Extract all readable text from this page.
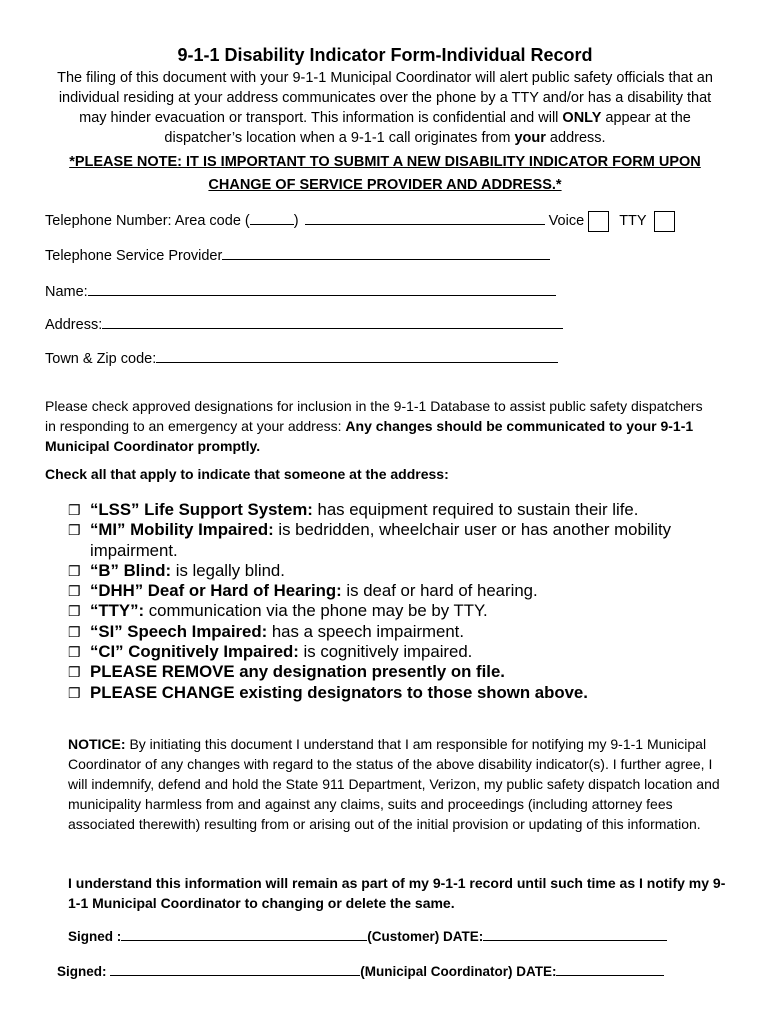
9-1-1 Disability Indicator Form-Individual Record
The filing of this document with your 9-1-1 Municipal Coordinator will alert public safety officials that an individual residing at your address communicates over the phone by a TTY and/or has a disability that may hinder evacuation or transport. This information is confidential and will ONLY appear at the dispatcher’s location when a 9-1-1 call originates from your address.
*PLEASE NOTE: IT IS IMPORTANT TO SUBMIT A NEW DISABILITY INDICATOR FORM UPON
CHANGE OF SERVICE PROVIDER AND ADDRESS.*
Telephone Number: Area code (	)	Voice TTY
Telephone Service Provider
Name:
Address:
Town & Zip code:
Please check approved designations for inclusion in the 9-1-1 Database to assist public safety dispatchers in responding to an emergency at your address: Any changes should be communicated to your 9-1-1 Municipal Coordinator promptly.
Check all that apply to indicate that someone at the address:
❒ “LSS” Life Support System: has equipment required to sustain their life.
❒ “MI” Mobility Impaired: is bedridden, wheelchair user or has another mobility impairment.
❒ “B” Blind: is legally blind.
❒ “DHH” Deaf or Hard of Hearing: is deaf or hard of hearing.
❒ “TTY”: communication via the phone may be by TTY.
❒ “SI” Speech Impaired: has a speech impairment.
❒ “CI” Cognitively Impaired: is cognitively impaired.
❒ PLEASE REMOVE any designation presently on file.
❒ PLEASE CHANGE existing designators to those shown above.
NOTICE: By initiating this document I understand that I am responsible for notifying my 9-1-1 Municipal Coordinator of any changes with regard to the status of the above disability indicator(s). I further agree, I will indemnify, defend and hold the State 911 Department, Verizon, my public safety dispatch location and municipality harmless from and against any claims, suits and proceedings (including attorney fees associated therewith) resulting from or arising out of the initial provision or updating of this information.
I understand this information will remain as part of my 9-1-1 record until such time as I notify my 9-1-1 Municipal Coordinator to changing or delete the same.
Signed :	(Customer) DATE:
Signed:	(Municipal Coordinator) DATE:
